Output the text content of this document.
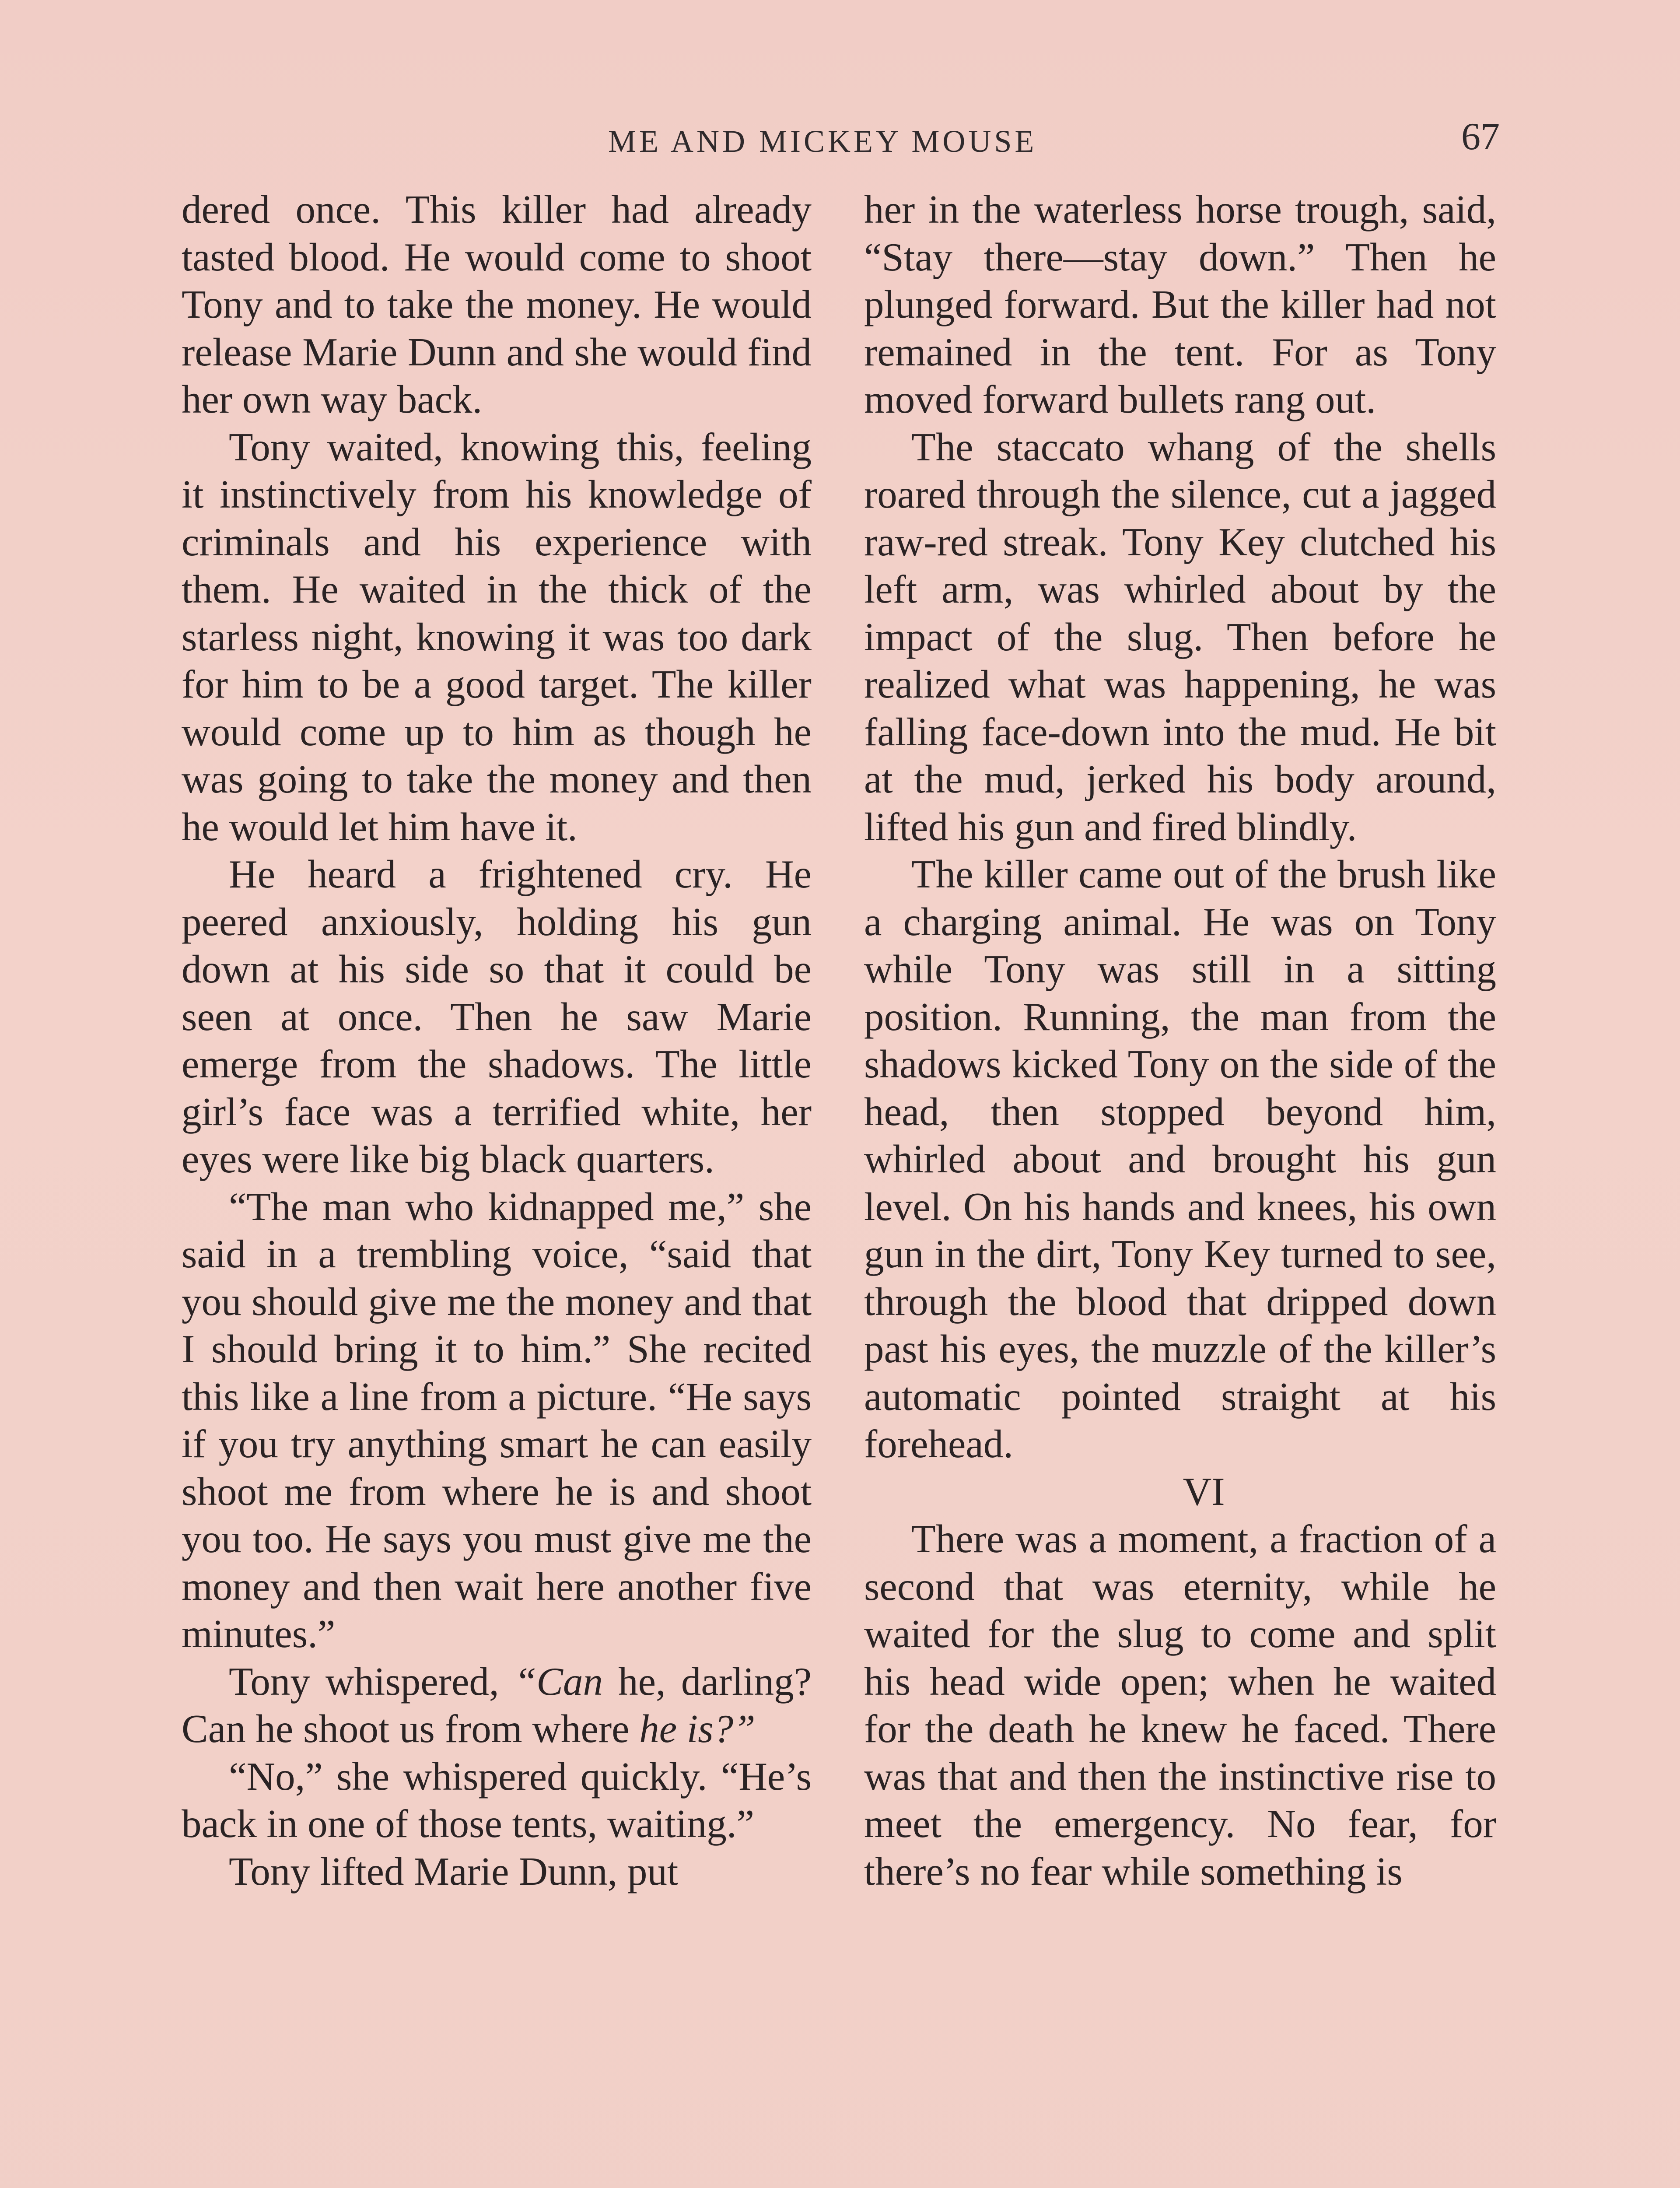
ME AND MICKEY MOUSE	67

dered once. This killer had already tasted blood. He would come to shoot Tony and to take the money. He would release Marie Dunn and she would find her own way back.

Tony waited, knowing this, feeling it instinctively from his knowledge of criminals and his experience with them. He waited in the thick of the starless night, knowing it was too dark for him to be a good target. The killer would come up to him as though he was going to take the money and then he would let him have it.

He heard a frightened cry. He peered anxiously, holding his gun down at his side so that it could be seen at once. Then he saw Marie emerge from the shadows. The little girl’s face was a terrified white, her eyes were like big black quarters.

“The man who kidnapped me,” she said in a trembling voice, “said that you should give me the money and that I should bring it to him.” She recited this like a line from a picture. “He says if you try anything smart he can easily shoot me from where he is and shoot you too. He says you must give me the money and then wait here another five minutes.”

Tony whispered, “Can he, darling? Can he shoot us from where he is?”

“No,” she whispered quickly. “He’s back in one of those tents, waiting.”

Tony lifted Marie Dunn, put

her in the waterless horse trough, said, “Stay there—stay down.” Then he plunged forward. But the killer had not remained in the tent. For as Tony moved forward bullets rang out.

The staccato whang of the shells roared through the silence, cut a jagged raw-red streak. Tony Key clutched his left arm, was whirled about by the impact of the slug. Then before he realized what was happening, he was falling face-down into the mud. He bit at the mud, jerked his body around, lifted his gun and fired blindly.

The killer came out of the brush like a charging animal. He was on Tony while Tony was still in a sitting position. Running, the man from the shadows kicked Tony on the side of the head, then stopped beyond him, whirled about and brought his gun level. On his hands and knees, his own gun in the dirt, Tony Key turned to see, through the blood that dripped down past his eyes, the muzzle of the killer’s automatic pointed straight at his forehead.

VI

There was a moment, a fraction of a second that was eternity, while he waited for the slug to come and split his head wide open; when he waited for the death he knew he faced. There was that and then the instinctive rise to meet the emergency. No fear, for there’s no fear while something is
